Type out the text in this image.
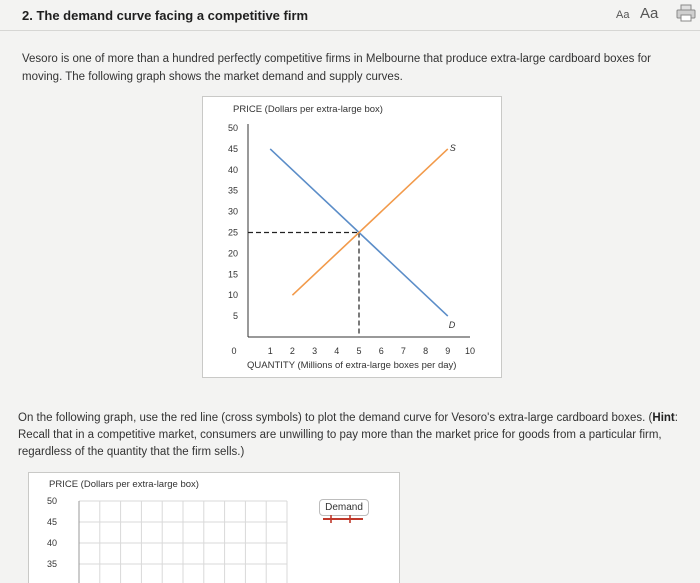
2. The demand curve facing a competitive firm	Aa Aa

Vesoro is one of more than a hundred perfectly competitive firms in Melbourne that produce extra-large cardboard boxes for moving. The following graph shows the market demand and supply curves.

PRICE (Dollars per extra-large box)
QUANTITY (Millions of extra-large boxes per day)
5
10
15
20
25
30
35
40
45
50
0	1 2 3 4 5 6 7 8 9 10
D
S

On the following graph, use the red line (cross symbols) to plot the demand curve for Vesoro's extra-large cardboard boxes. (Hint: Recall that in a competitive market, consumers are unwilling to pay more than the market price for goods from a particular firm, regardless of the quantity that the firm sells.)

PRICE (Dollars per extra-large box)
50
45
40
35
Demand
